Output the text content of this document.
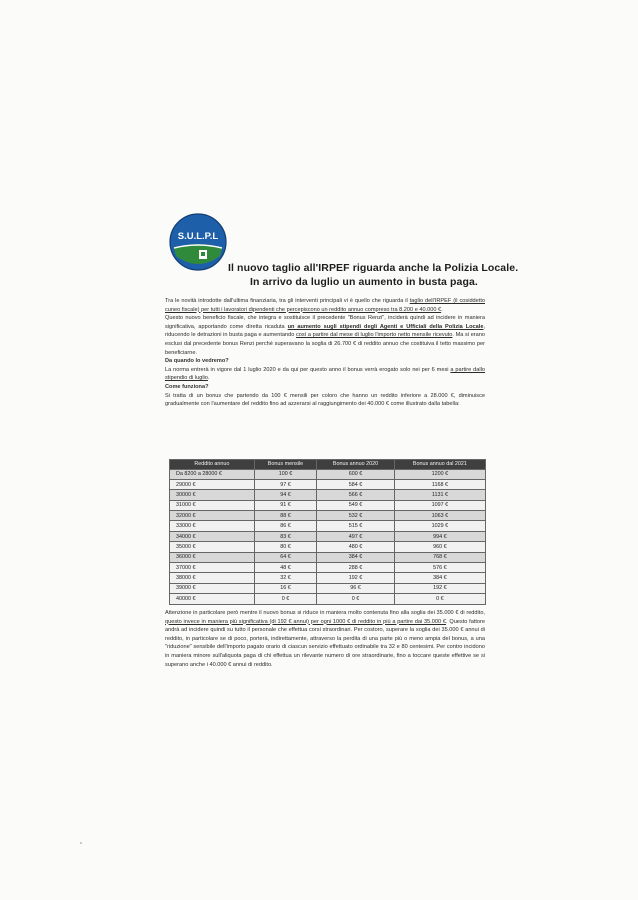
S.U.L.P.L
Il nuovo taglio all'IRPEF riguarda anche la Polizia Locale.
In arrivo da luglio un aumento in busta paga.

Tra le novità introdotte dall'ultima finanziaria, tra gli interventi principali vi è quello che riguarda il taglio dell'IRPEF (il cosiddetto cuneo fiscale) per tutti i lavoratori dipendenti che percepiscono un reddito annuo compreso tra 8.200 e 40.000 €.

Questo nuovo beneficio fiscale, che integra e sostituisce il precedente "Bonus Renzi", inciderà quindi ad incidere in maniera significativa, apportando come diretta ricaduta un aumento sugli stipendi degli Agenti e Ufficiali della Polizia Locale, riducendo le detrazioni in busta paga e aumentando così a partire dal mese di luglio l'importo netto mensile ricevuto. Ma si erano esclusi dal precedente bonus Renzi perché superavano la soglia di 26.700 € di reddito annuo che costituiva il tetto massimo per beneficiarne.

Da quando lo vedremo?

La norma entrerà in vigore dal 1 luglio 2020 e da qui per questo anno il bonus verrà erogato solo nei per 6 mesi a partire dallo stipendio di luglio.

Come funziona?

Si tratta di un bonus che partendo da 100 € mensili per coloro che hanno un reddito inferiore a 28.000 €, diminuisce gradualmente con l'aumentare del reddito fino ad azzerarsi al raggiungimento dei 40.000 € come illustrato dalla tabella:

Reddito annuo	Bonus mensile	Bonus annuo 2020	Bonus annuo dal 2021
Da 8200 a 28000 €	100 €	600 €	1200 €
29000 €	97 €	584 €	1168 €
30000 €	94 €	566 €	1131 €
31000 €	91 €	549 €	1097 €
32000 €	88 €	532 €	1063 €
33000 €	86 €	515 €	1029 €
34000 €	83 €	497 €	994 €
35000 €	80 €	480 €	960 €
36000 €	64 €	384 €	768 €
37000 €	48 €	288 €	576 €
38000 €	32 €	192 €	384 €
39000 €	16 €	96 €	192 €
40000 €	0 €	0 €	0 €

Attenzione in particolare però mentre il nuovo bonus si riduce in maniera molto contenuta fino alla soglia dei 35.000 € di reddito, questo invece in maniera più significativa (di 192 € annui) per ogni 1000 € di reddito in più a partire dai 35.000 €. Questo fattore andrà ad incidere quindi su tutto il personale che effettua corsi straordinari. Per costoro, superare la soglia dei 35.000 € annui di reddito, in particolare se di poco, porterà, indirettamente, attraverso la perdita di una parte più o meno ampia del bonus, a una "riduzione" sensibile dell'importo pagato orario di ciascun servizio effettuato ordinabile tra 32 e 80 centesimi. Per contro incidono in maniera minore sull'aliquota paga di chi effettua un rilevante numero di ore straordinarie, fino a toccare queste effettive se si superano anche i 40.000 € annui di reddito.
